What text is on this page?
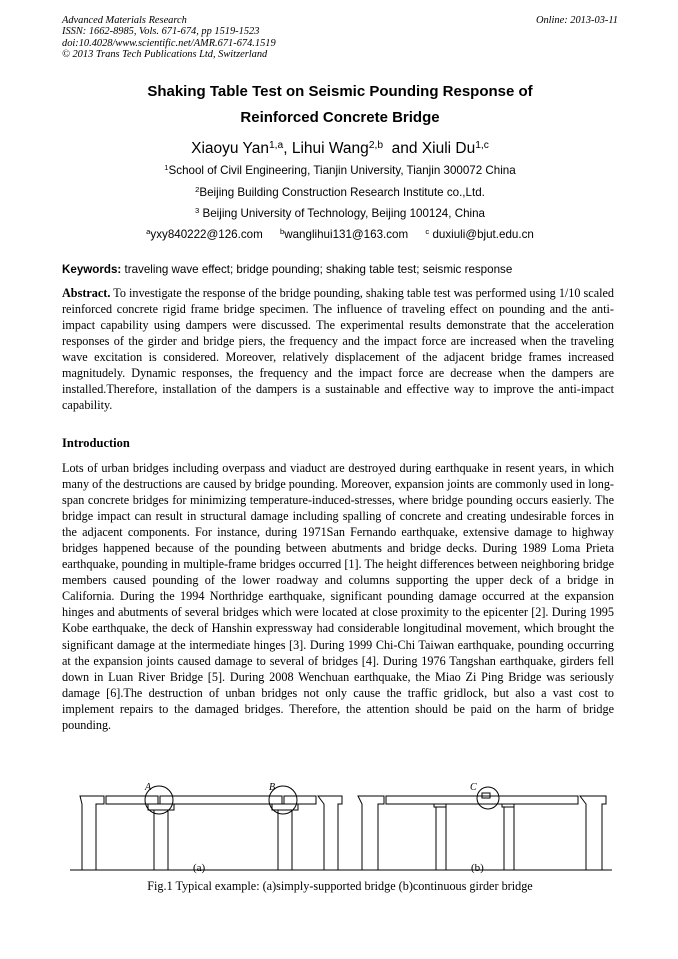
Advanced Materials Research
ISSN: 1662-8985, Vols. 671-674, pp 1519-1523
doi:10.4028/www.scientific.net/AMR.671-674.1519
© 2013 Trans Tech Publications Ltd, Switzerland
Online: 2013-03-11
Shaking Table Test on Seismic Pounding Response of
Reinforced Concrete Bridge
Xiaoyu Yan$^{1,a}$, Lihui Wang$^{2,b}$  and Xiuli Du$^{1,c}$
$^1$School of Civil Engineering, Tianjin University, Tianjin 300072 China
$^2$Beijing Building Construction Research Institute co.,Ltd.
$^3$ Beijing University of Technology, Beijing 100124, China
$^a$yxy840222@126.com $^b$wanglihui131@163.com $^c$ duxiuli@bjut.edu.cn
Keywords: traveling wave effect; bridge pounding; shaking table test; seismic response
Abstract. To investigate the response of the bridge pounding, shaking table test was performed using 1/10 scaled reinforced concrete rigid frame bridge specimen. The influence of traveling effect on pounding and the anti-impact capability using dampers were discussed. The experimental results demonstrate that the acceleration responses of the girder and bridge piers, the frequency and the impact force are increased when the traveling wave excitation is considered. Moreover, relatively displacement of the adjacent bridge frames increased magnitudely. Dynamic responses, the frequency and the impact force are decrease when the dampers are installed.Therefore, installation of the dampers is a sustainable and effective way to improve the anti-impact capability.
Introduction
Lots of urban bridges including overpass and viaduct are destroyed during earthquake in resent years, in which many of the destructions are caused by bridge pounding. Moreover, expansion joints are commonly used in long-span concrete bridges for minimizing temperature-induced-stresses, where bridge pounding occurs easierly. The bridge impact can result in structural damage including spalling of concrete and creating undesirable forces in the adjacent components. For instance, during 1971San Fernando earthquake, extensive damage to highway bridges happened because of the pounding between abutments and bridge decks. During 1989 Loma Prieta earthquake, pounding in multiple-frame bridges occurred [1]. The height differences between neighboring bridge members caused pounding of the lower roadway and columns supporting the upper deck of a bridge in California. During the 1994 Northridge earthquake, significant pounding damage occurred at the expansion hinges and abutments of several bridges which were located at close proximity to the epicenter [2]. During 1995 Kobe earthquake, the deck of Hanshin expressway had considerable longitudinal movement, which brought the significant damage at the intermediate hinges [3]. During 1999 Chi-Chi Taiwan earthquake, pounding occurring at the expansion joints caused damage to several of bridges [4]. During 1976 Tangshan earthquake, girders fell down in Luan River Bridge [5]. During 2008 Wenchuan earthquake, the Miao Zi Ping Bridge was seriously damage [6].The destruction of unban bridges not only cause the traffic gridlock, but also a vast cost to implement repairs to the damaged bridges. Therefore, the attention should be paid on the harm of bridge pounding.
A	B	C
(a)	(b)
Fig.1 Typical example: (a)simply-supported bridge (b)continuous girder bridge
